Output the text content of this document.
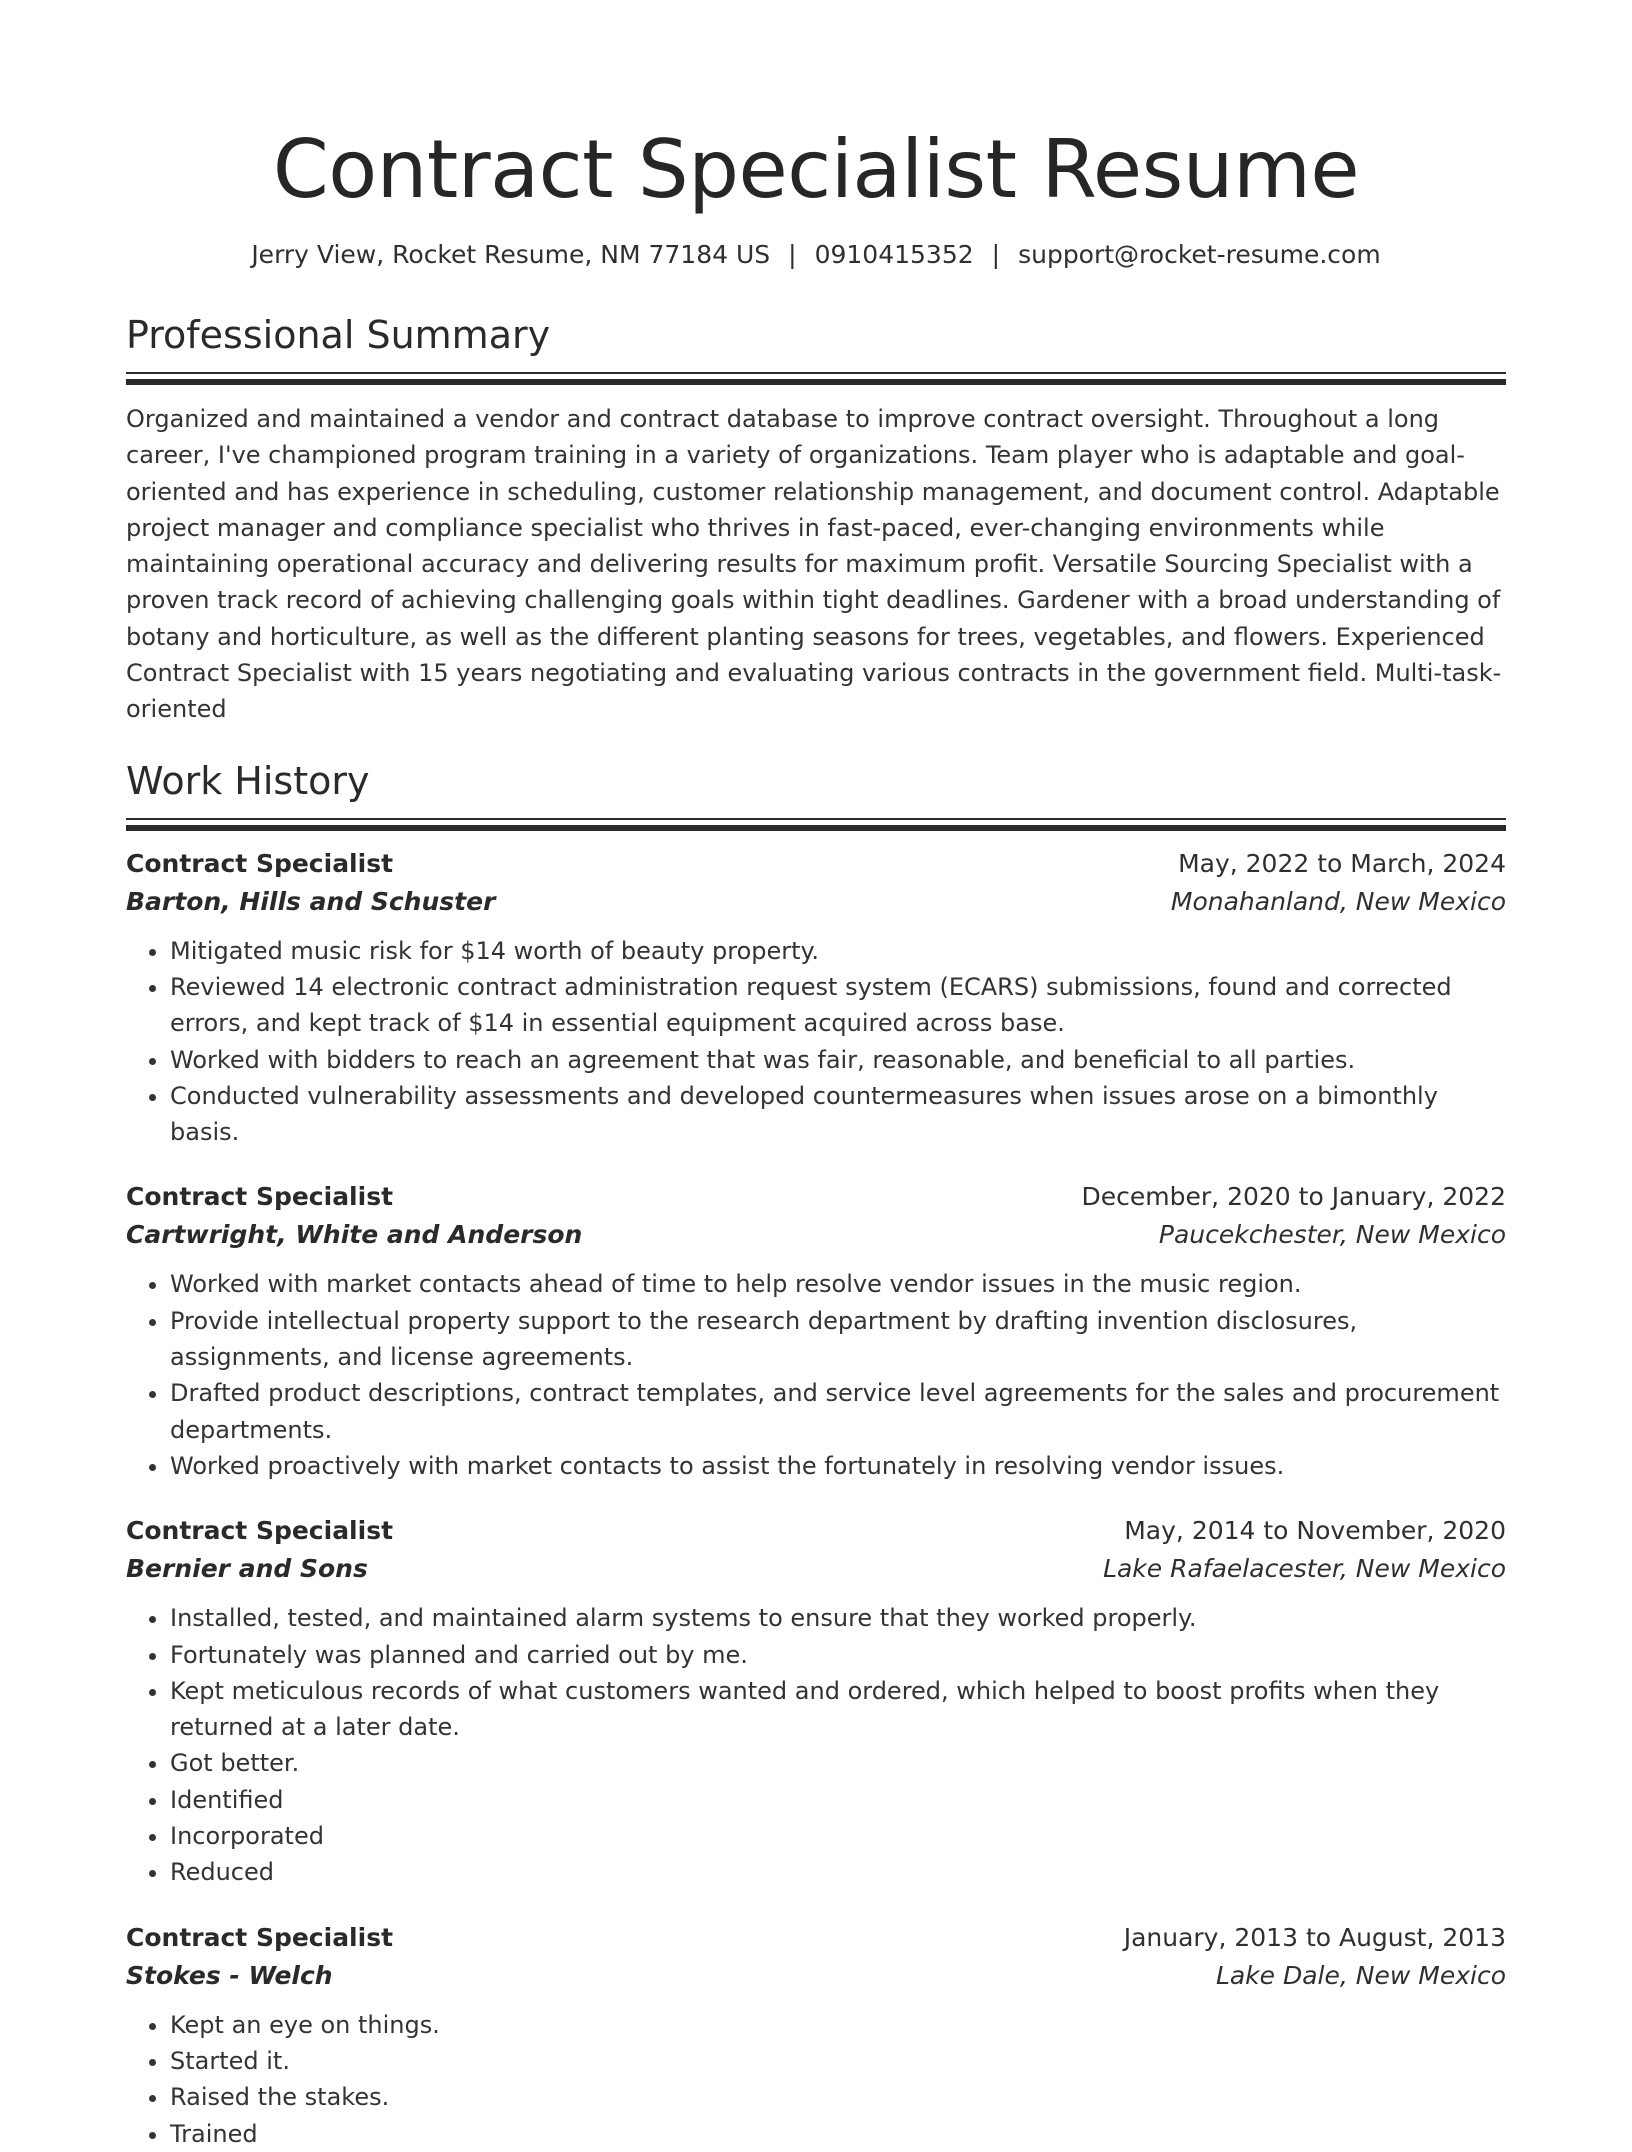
Contract Specialist Resume
Jerry View, Rocket Resume, NM 77184 US | 0910415352 | support@rocket-resume.com
Professional Summary

Organized and maintained a vendor and contract database to improve contract oversight. Throughout a long career, I've championed program training in a variety of organizations. Team player who is adaptable and goal-oriented and has experience in scheduling, customer relationship management, and document control. Adaptable project manager and compliance specialist who thrives in fast-paced, ever-changing environments while maintaining operational accuracy and delivering results for maximum profit. Versatile Sourcing Specialist with a proven track record of achieving challenging goals within tight deadlines. Gardener with a broad understanding of botany and horticulture, as well as the different planting seasons for trees, vegetables, and flowers. Experienced Contract Specialist with 15 years negotiating and evaluating various contracts in the government field. Multi-task-oriented

Work History
Contract Specialist	May, 2022 to March, 2024
Barton, Hills and Schuster	Monahanland, New Mexico
• Mitigated music risk for $14 worth of beauty property.
• Reviewed 14 electronic contract administration request system (ECARS) submissions, found and corrected errors, and kept track of $14 in essential equipment acquired across base.
• Worked with bidders to reach an agreement that was fair, reasonable, and beneficial to all parties.
• Conducted vulnerability assessments and developed countermeasures when issues arose on a bimonthly basis.
Contract Specialist	December, 2020 to January, 2022
Cartwright, White and Anderson	Paucekchester, New Mexico
• Worked with market contacts ahead of time to help resolve vendor issues in the music region.
• Provide intellectual property support to the research department by drafting invention disclosures, assignments, and license agreements.
• Drafted product descriptions, contract templates, and service level agreements for the sales and procurement departments.
• Worked proactively with market contacts to assist the fortunately in resolving vendor issues.
Contract Specialist	May, 2014 to November, 2020
Bernier and Sons	Lake Rafaelacester, New Mexico
• Installed, tested, and maintained alarm systems to ensure that they worked properly.
• Fortunately was planned and carried out by me.
• Kept meticulous records of what customers wanted and ordered, which helped to boost profits when they returned at a later date.
• Got better.
• Identified
• Incorporated
• Reduced
Contract Specialist	January, 2013 to August, 2013
Stokes - Welch	Lake Dale, New Mexico
• Kept an eye on things.
• Started it.
• Raised the stakes.
• Trained
